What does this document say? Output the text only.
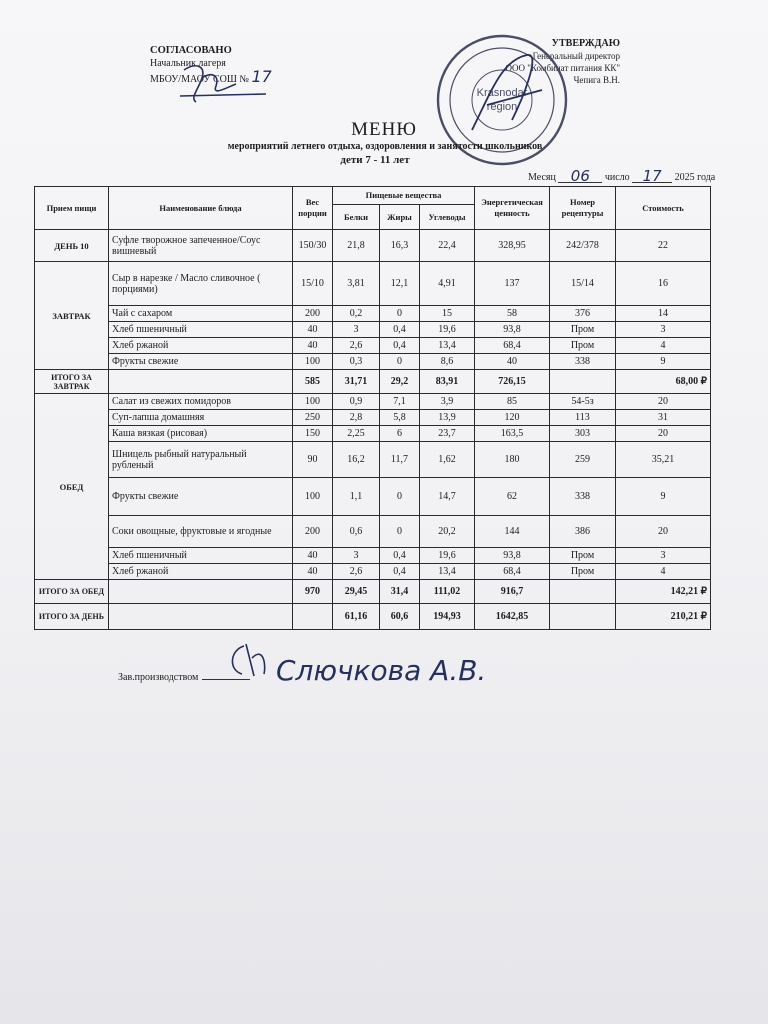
СОГЛАСОВАНО
Начальник лагеря
МБОУ/МАОУ СОШ № 17
УТВЕРЖДАЮ
Генеральный директор
ООО "Комбинат питания КК"
Чепига В.Н.
Krasnodar
region
МЕНЮ
мероприятий летнего отдыха, оздоровления и занятости школьников
дети 7 - 11 лет
Месяц 06 число 17 2025 года
Прием пищи	Наименование блюда	Вес порции	Пищевые вещества			Энергетическая ценность	Номер рецептуры	Стоимость
			Белки	Жиры	Углеводы			
ДЕНЬ 10	Суфле творожное запеченное/Соус вишневый	150/30	21,8	16,3	22,4	328,95	242/378	22
ЗАВТРАК	Сыр в нарезке / Масло сливочное ( порциями)	15/10	3,81	12,1	4,91	137	15/14	16
	Чай с сахаром	200	0,2	0	15	58	376	14
	Хлеб пшеничный	40	3	0,4	19,6	93,8	Пром	3
	Хлеб ржаной	40	2,6	0,4	13,4	68,4	Пром	4
	Фрукты свежие	100	0,3	0	8,6	40	338	9
ИТОГО ЗА ЗАВТРАК		585	31,71	29,2	83,91	726,15		68,00 ₽
ОБЕД	Салат из свежих помидоров	100	0,9	7,1	3,9	85	54-5з	20
	Суп-лапша домашняя	250	2,8	5,8	13,9	120	113	31
	Каша вязкая (рисовая)	150	2,25	6	23,7	163,5	303	20
	Шницель рыбный натуральный рубленый	90	16,2	11,7	1,62	180	259	35,21
	Фрукты свежие	100	1,1	0	14,7	62	338	9
	Соки овощные, фруктовые и ягодные	200	0,6	0	20,2	144	386	20
	Хлеб пшеничный	40	3	0,4	19,6	93,8	Пром	3
	Хлеб ржаной	40	2,6	0,4	13,4	68,4	Пром	4
ИТОГО ЗА ОБЕД		970	29,45	31,4	111,02	916,7		142,21 ₽
ИТОГО ЗА ДЕНЬ			61,16	60,6	194,93	1642,85		210,21 ₽
Зав.производством	Слючкова А.В.
